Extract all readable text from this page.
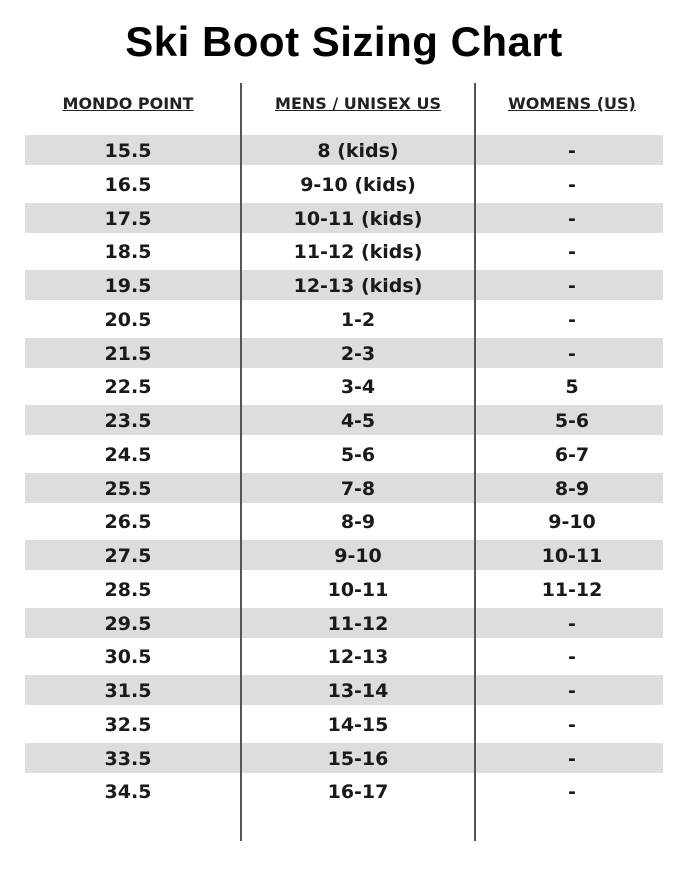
Ski Boot Sizing Chart
MONDO POINT	MENS / UNISEX US	WOMENS (US)
15.5	8 (kids)	-
16.5	9-10 (kids)	-
17.5	10-11 (kids)	-
18.5	11-12 (kids)	-
19.5	12-13 (kids)	-
20.5	1-2	-
21.5	2-3	-
22.5	3-4	5
23.5	4-5	5-6
24.5	5-6	6-7
25.5	7-8	8-9
26.5	8-9	9-10
27.5	9-10	10-11
28.5	10-11	11-12
29.5	11-12	-
30.5	12-13	-
31.5	13-14	-
32.5	14-15	-
33.5	15-16	-
34.5	16-17	-
